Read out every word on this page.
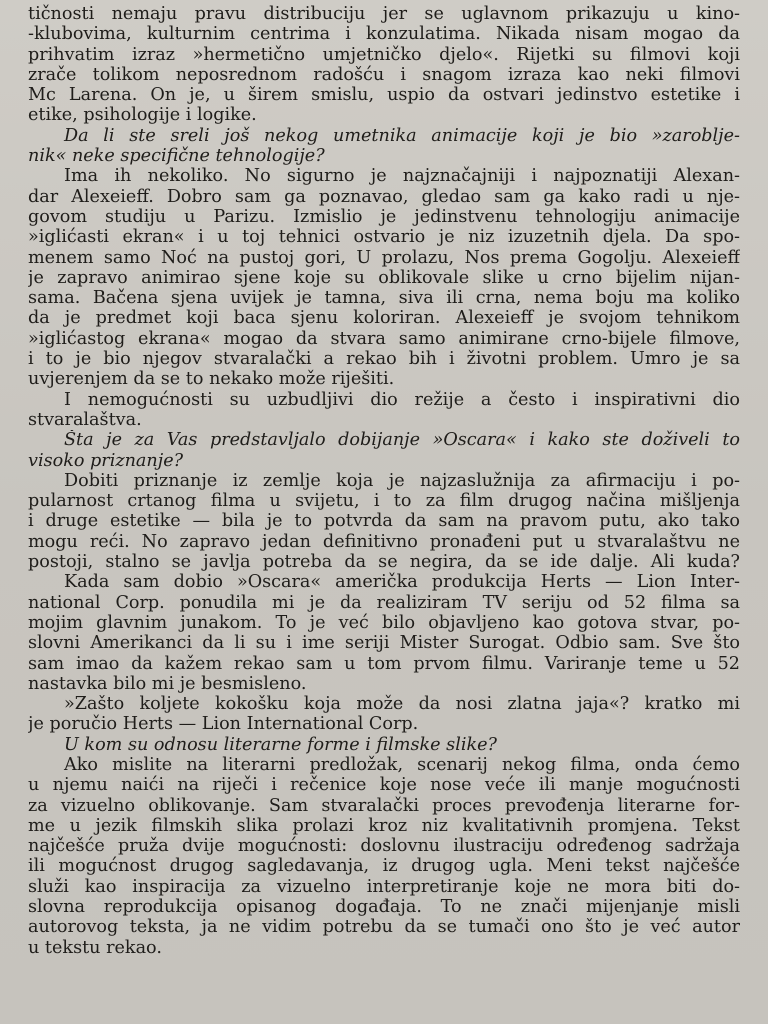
tičnosti nemaju pravu distribuciju jer se uglavnom prikazuju u kino-
-klubovima, kulturnim centrima i konzulatima. Nikada nisam mogao da
prihvatim izraz »hermetično umjetničko djelo«. Rijetki su filmovi koji
zrače tolikom neposrednom radošću i snagom izraza kao neki filmovi
Mc Larena. On je, u širem smislu, uspio da ostvari jedinstvo estetike i
etike, psihologije i logike.
Da li ste sreli još nekog umetnika animacije koji je bio »zaroblje-
nik« neke specifične tehnologije?
Ima ih nekoliko. No sigurno je najznačajniji i najpoznatiji Alexan-
dar Alexeieff. Dobro sam ga poznavao, gledao sam ga kako radi u nje-
govom studiju u Parizu. Izmislio je jedinstvenu tehnologiju animacije
»iglićasti ekran« i u toj tehnici ostvario je niz izuzetnih djela. Da spo-
menem samo Noć na pustoj gori, U prolazu, Nos prema Gogolju. Alexeieff
je zapravo animirao sjene koje su oblikovale slike u crno bijelim nijan-
sama. Bačena sjena uvijek je tamna, siva ili crna, nema boju ma koliko
da je predmet koji baca sjenu koloriran. Alexeieff je svojom tehnikom
»iglićastog ekrana« mogao da stvara samo animirane crno-bijele filmove,
i to je bio njegov stvaralački a rekao bih i životni problem. Umro je sa
uvjerenjem da se to nekako može riješiti.
I nemogućnosti su uzbudljivi dio režije a često i inspirativni dio
stvaralaštva.
Šta je za Vas predstavljalo dobijanje »Oscara« i kako ste doživeli to
visoko priznanje?
Dobiti priznanje iz zemlje koja je najzaslužnija za afirmaciju i po-
pularnost crtanog filma u svijetu, i to za film drugog načina mišljenja
i druge estetike — bila je to potvrda da sam na pravom putu, ako tako
mogu reći. No zapravo jedan definitivno pronađeni put u stvaralaštvu ne
postoji, stalno se javlja potreba da se negira, da se ide dalje. Ali kuda?
Kada sam dobio »Oscara« američka produkcija Herts — Lion Inter-
national Corp. ponudila mi je da realiziram TV seriju od 52 filma sa
mojim glavnim junakom. To je već bilo objavljeno kao gotova stvar, po-
slovni Amerikanci da li su i ime seriji Mister Surogat. Odbio sam. Sve što
sam imao da kažem rekao sam u tom prvom filmu. Variranje teme u 52
nastavka bilo mi je besmisleno.
»Zašto koljete kokošku koja može da nosi zlatna jaja«? kratko mi
je poručio Herts — Lion International Corp.
U kom su odnosu literarne forme i filmske slike?
Ako mislite na literarni predložak, scenarij nekog filma, onda ćemo
u njemu naići na riječi i rečenice koje nose veće ili manje mogućnosti
za vizuelno oblikovanje. Sam stvaralački proces prevođenja literarne for-
me u jezik filmskih slika prolazi kroz niz kvalitativnih promjena. Tekst
najčešće pruža dvije mogućnosti: doslovnu ilustraciju određenog sadržaja
ili mogućnost drugog sagledavanja, iz drugog ugla. Meni tekst najčešće
služi kao inspiracija za vizuelno interpretiranje koje ne mora biti do-
slovna reprodukcija opisanog događaja. To ne znači mijenjanje misli
autorovog teksta, ja ne vidim potrebu da se tumači ono što je već autor
u tekstu rekao.
